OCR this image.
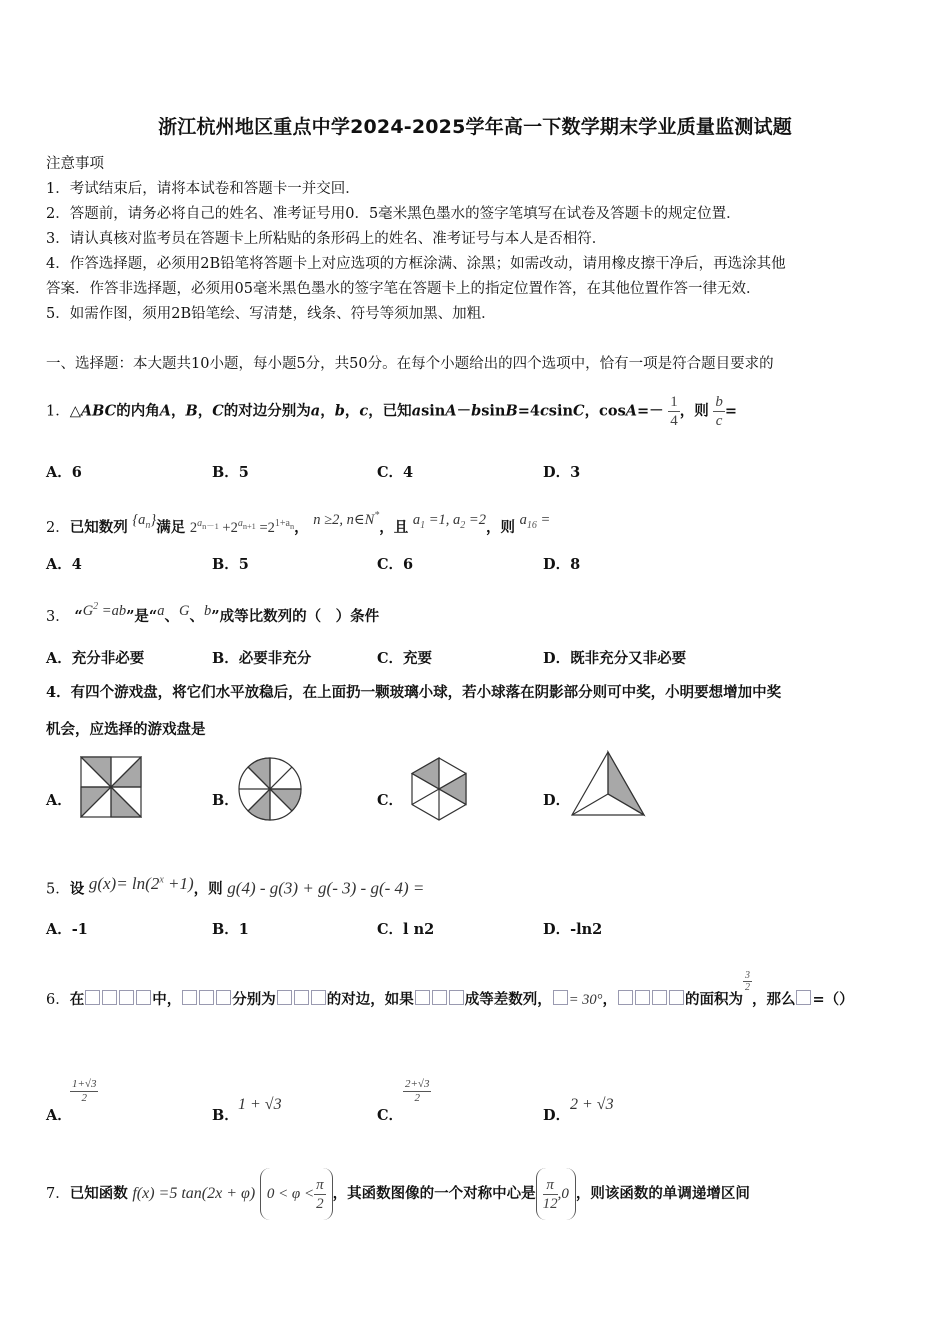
浙江杭州地区重点中学2024-2025学年高一下数学期末学业质量监测试题
注意事项
1．考试结束后，请将本试卷和答题卡一并交回．
2．答题前，请务必将自己的姓名、准考证号用0．5毫米黑色墨水的签字笔填写在试卷及答题卡的规定位置．
3．请认真核对监考员在答题卡上所粘贴的条形码上的姓名、准考证号与本人是否相符．
4．作答选择题，必须用2B铅笔将答题卡上对应选项的方框涂满、涂黑；如需改动，请用橡皮擦干净后，再选涂其他
答案．作答非选择题，必须用05毫米黑色墨水的签字笔在答题卡上的指定位置作答，在其他位置作答一律无效．
5．如需作图，须用2B铅笔绘、写清楚，线条、符号等须加黑、加粗．
一、选择题：本大题共10小题，每小题5分，共50分。在每个小题给出的四个选项中，恰有一项是符合题目要求的
1．△ABC的内角A，B，C的对边分别为a，b，c，已知asinA－bsinB=4csinC，$\cos A=- \frac{1}{4}$ ，则 $\frac{b}{c}$ =
A．6	B．5	C．4	D．3
2．已知数列 $\{a_n\}$满足 $2^{a_{n-1}} +2^{a_{n+1}} =2^{1+a_n}$， n ≥2, n∈N*，且 $a_1 =1$, $a_2 =2$，则 $a_{16}$ =
A．4	B．5	C．6	D．8
3． “$G^2 =ab$”是“a、G、b”成等比数列的（　）条件
A．充分非必要	B．必要非充分	C．充要	D．既非充分又非必要
4．有四个游戏盘，将它们水平放稳后，在上面扔一颗玻璃小球，若小球落在阴影部分则可中奖，小明要想增加中奖
机会，应选择的游戏盘是
A．	B．	C．	D．
5．设 $g(x)= \ln(2^x +1)$，则 g(4) - g(3) + g(- 3) - g(- 4) =
A．-1	B．1	C．l n2	D．-ln2
6．在	中，	分别为	的对边，如果	成等差数列， = 30°，	的面积为
$\frac{3}{2}$
，那么 =（）
A．
$\frac{1+√3}{2}$
B．
1 + √3
C．
$\frac{2+√3}{2}$
D．
2 + √3
7．已知函数 f(x) =5 tan(2x + φ) $0 < \varphi < \frac{\pi}{2}$ ，其函数图像的一个对称中心是 $\frac{\pi}{12} ,0$ ，则该函数的单调递增区间
